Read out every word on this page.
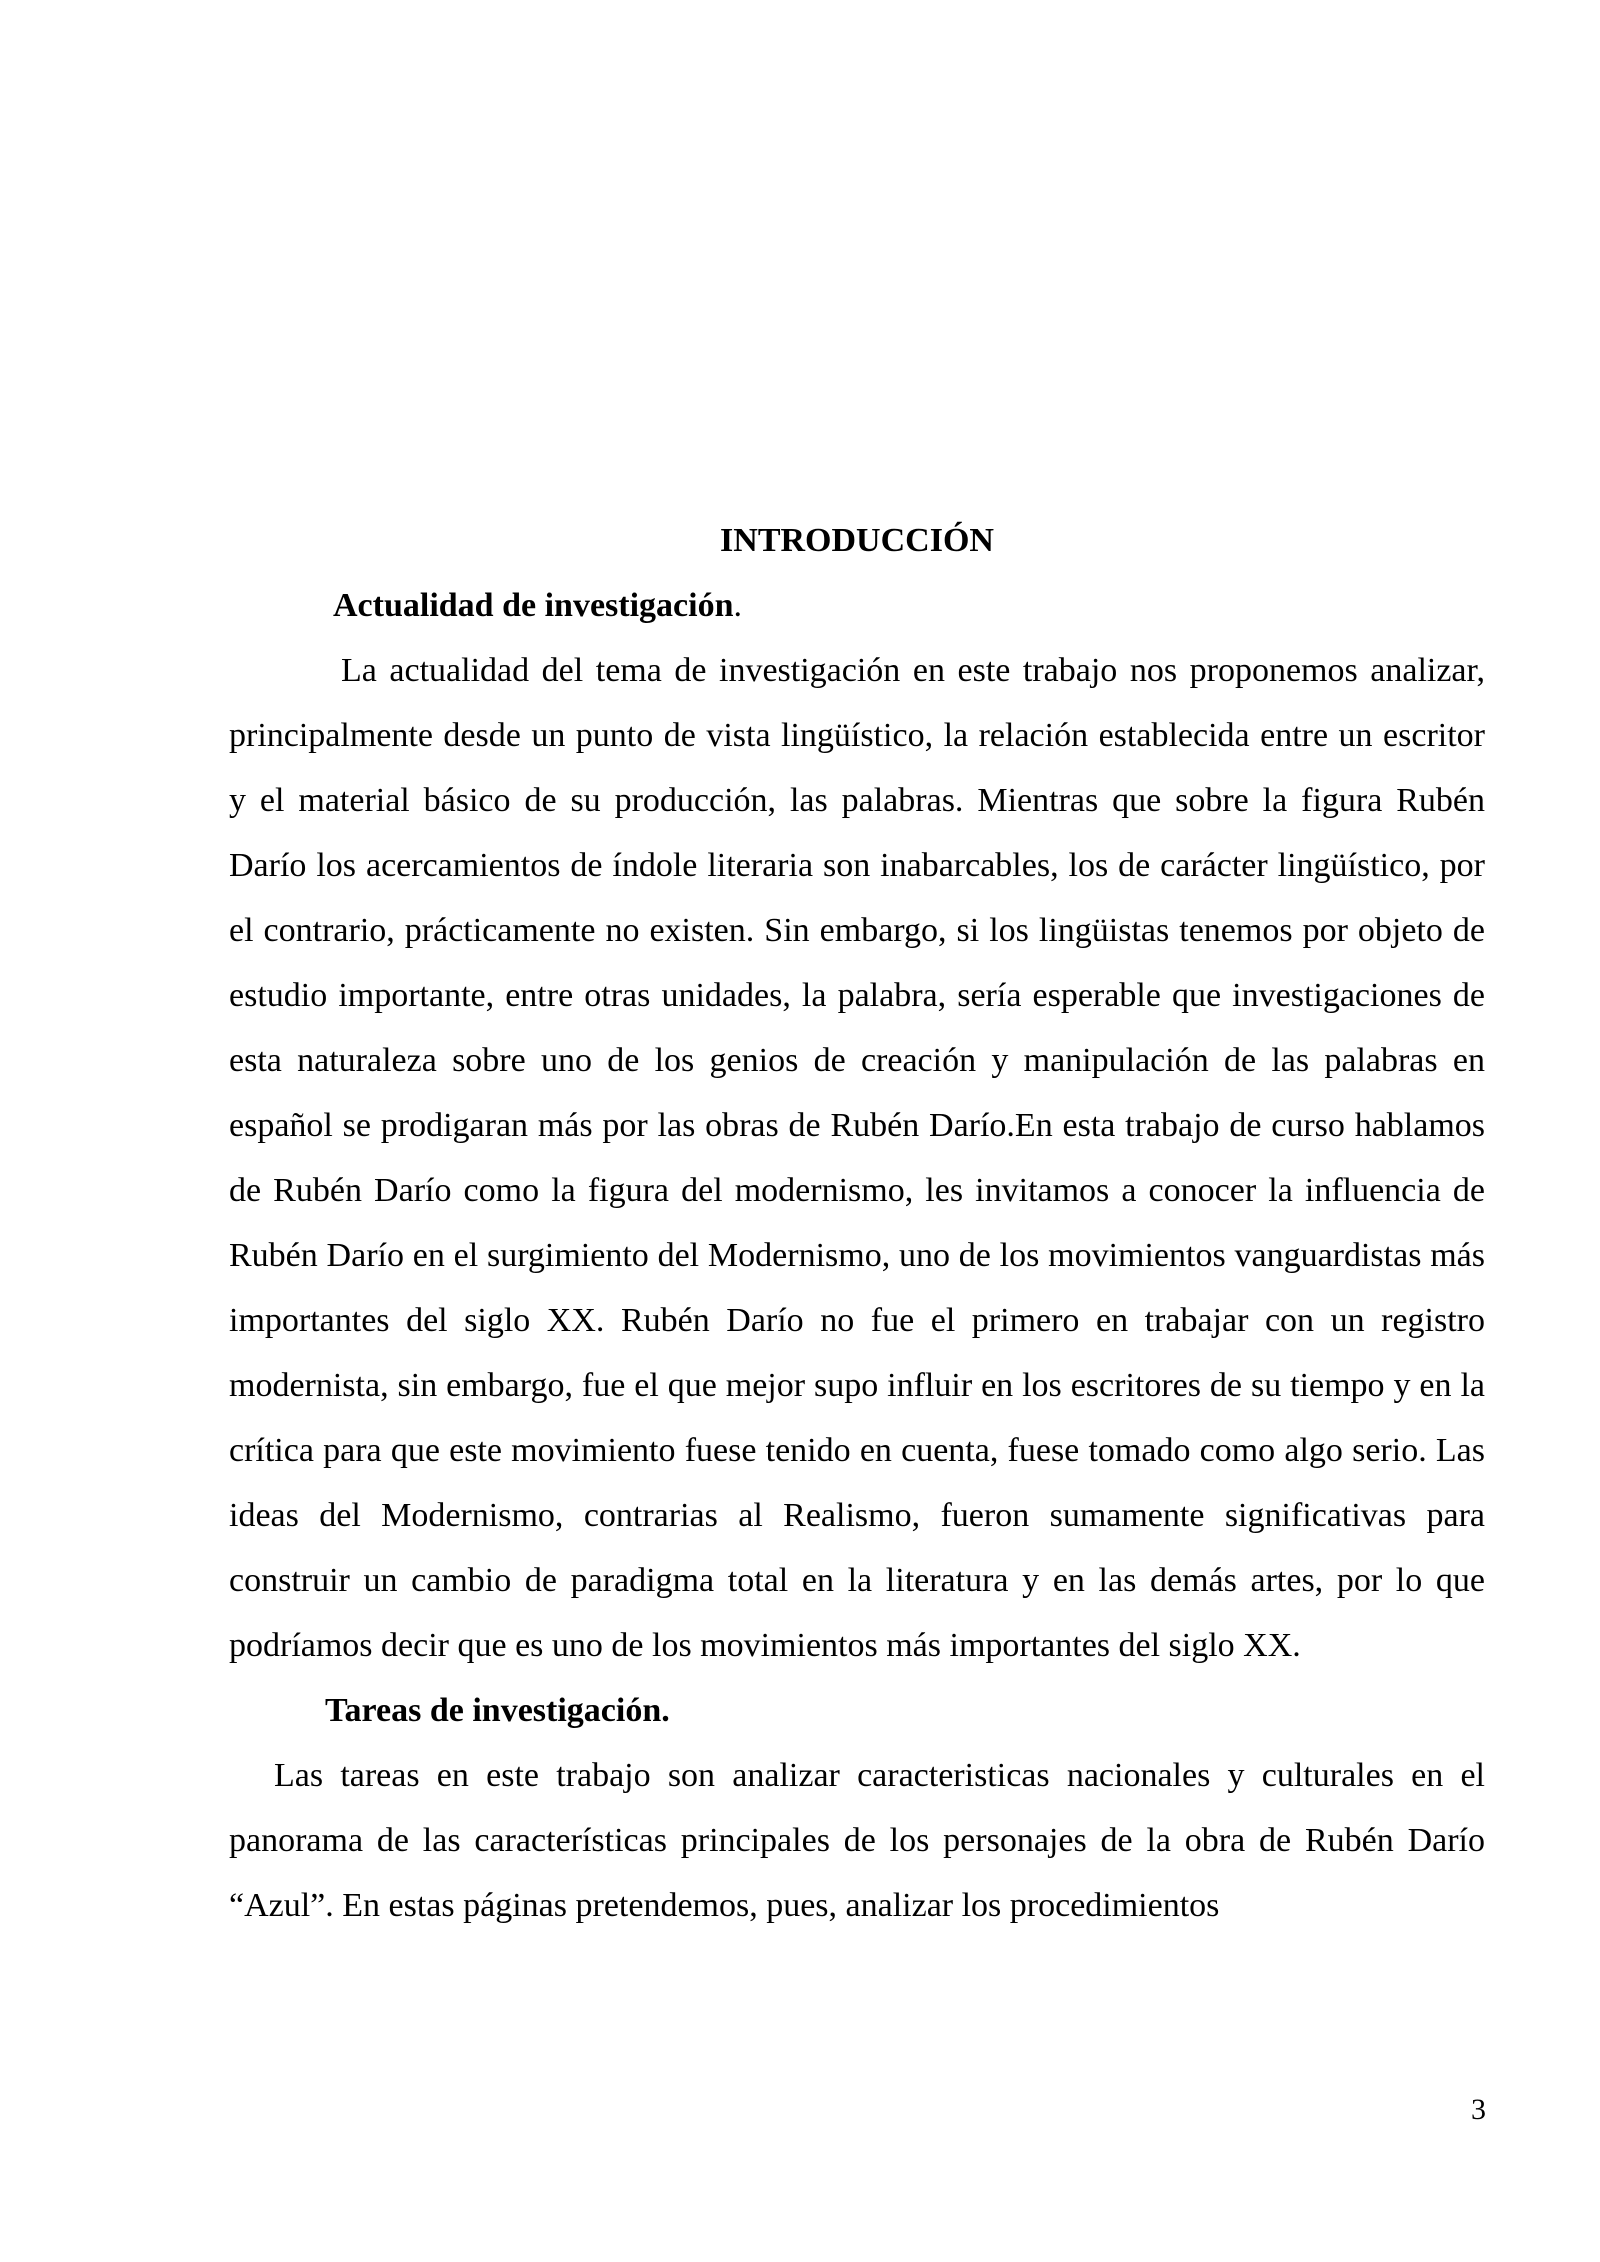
INTRODUCCIÓN
Actualidad de investigación.

La actualidad del tema de investigación en este trabajo nos proponemos analizar, principalmente desde un punto de vista lingüístico, la relación establecida entre un escritor y el material básico de su producción, las palabras. Mientras que sobre la figura Rubén Darío los acercamientos de índole literaria son inabarcables, los de carácter lingüístico, por el contrario, prácticamente no existen. Sin embargo, si los lingüistas tenemos por objeto de estudio importante, entre otras unidades, la palabra, sería esperable que investigaciones de esta naturaleza sobre uno de los genios de creación y manipulación de las palabras en español se prodigaran más por las obras de Rubén Darío.En esta trabajo de curso hablamos de Rubén Darío como la figura del modernismo, les invitamos a conocer la influencia de Rubén Darío en el surgimiento del Modernismo, uno de los movimientos vanguardistas más importantes del siglo XX. Rubén Darío no fue el primero en trabajar con un registro modernista, sin embargo, fue el que mejor supo influir en los escritores de su tiempo y en la crítica para que este movimiento fuese tenido en cuenta, fuese tomado como algo serio. Las ideas del Modernismo, contrarias al Realismo, fueron sumamente significativas para construir un cambio de paradigma total en la literatura y en las demás artes, por lo que podríamos decir que es uno de los movimientos más importantes del siglo XX.

Tareas de investigación.

Las tareas en este trabajo son analizar caracteristicas nacionales y culturales en el panorama de las características principales de los personajes de la obra de Rubén Darío “Azul”. En estas páginas pretendemos, pues, analizar los procedimientos

3
